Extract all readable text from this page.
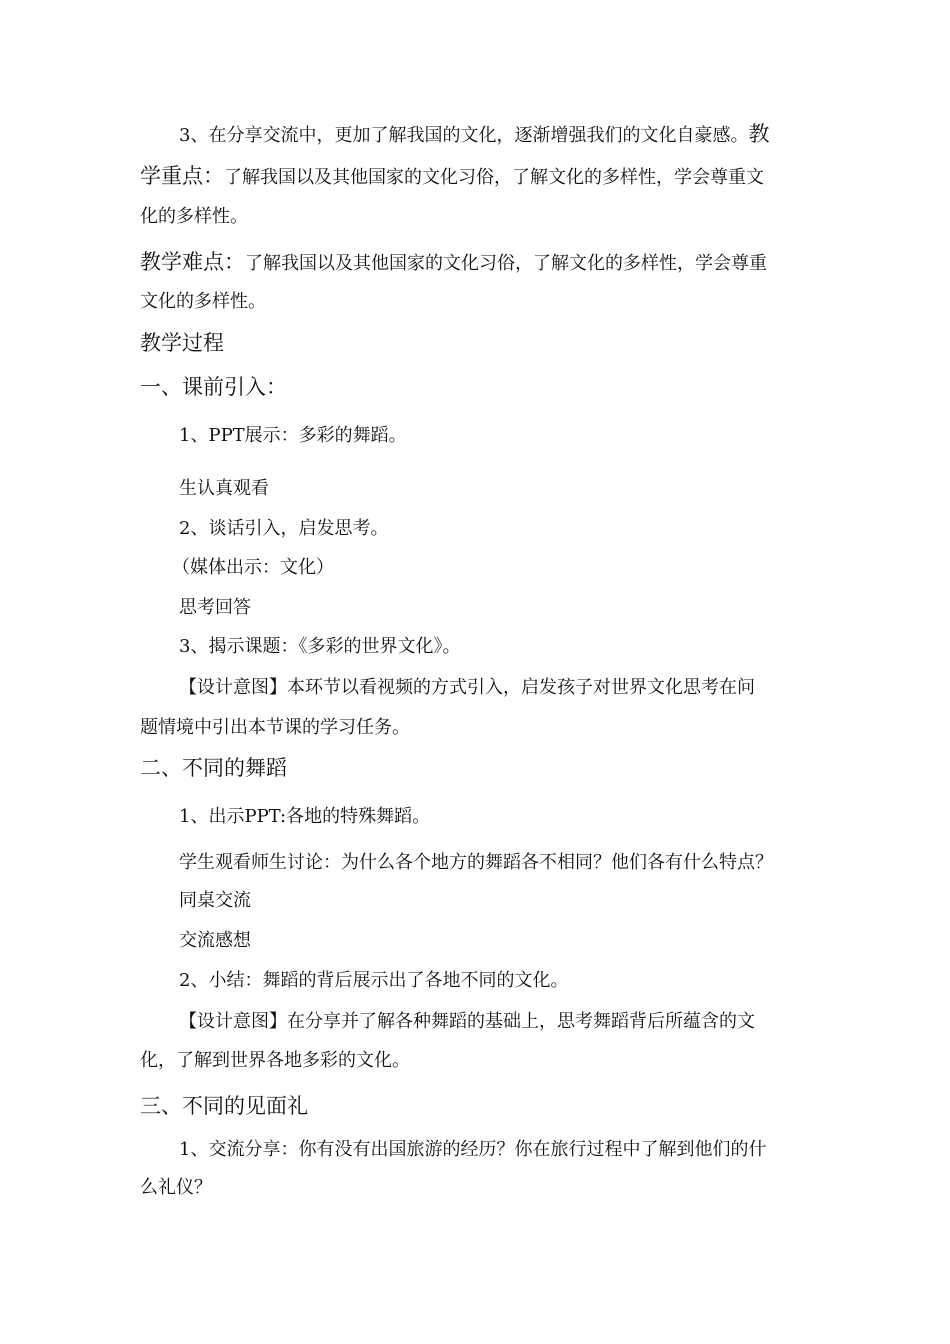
3、在分享交流中，更加了解我国的文化，逐渐增强我们的文化自豪感。教
学重点：了解我国以及其他国家的文化习俗，了解文化的多样性，学会尊重文
化的多样性。
教学难点：了解我国以及其他国家的文化习俗，了解文化的多样性，学会尊重
文化的多样性。
教学过程
一、课前引入：
1、PPT展示：多彩的舞蹈。
生认真观看
2、谈话引入，启发思考。
（媒体出示：文化）
思考回答
3、揭示课题：《多彩的世界文化》。
【设计意图】本环节以看视频的方式引入，启发孩子对世界文化思考在问
题情境中引出本节课的学习任务。
二、不同的舞蹈
1、出示PPT:各地的特殊舞蹈。
学生观看师生讨论：为什么各个地方的舞蹈各不相同？他们各有什么特点？
同桌交流
交流感想
2、小结：舞蹈的背后展示出了各地不同的文化。
【设计意图】在分享并了解各种舞蹈的基础上，思考舞蹈背后所蕴含的文
化，了解到世界各地多彩的文化。
三、不同的见面礼
1、交流分享：你有没有出国旅游的经历？你在旅行过程中了解到他们的什
么礼仪？
